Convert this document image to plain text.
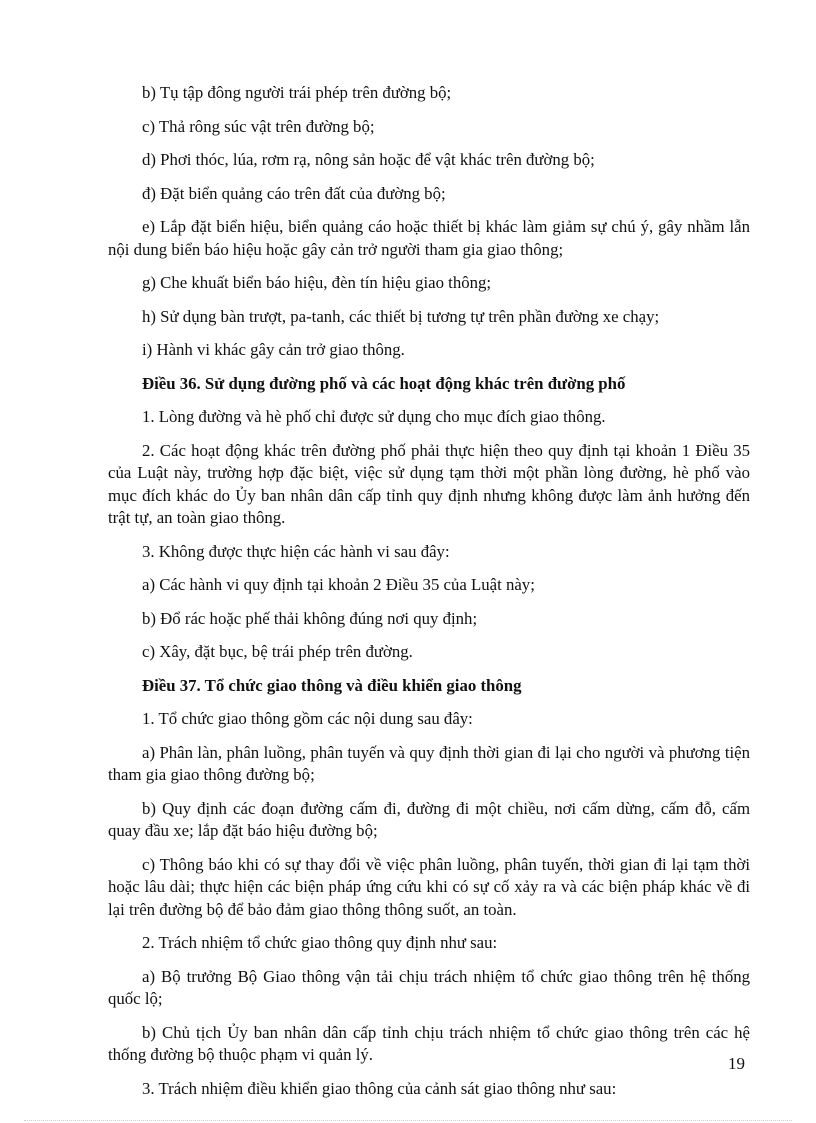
b) Tụ tập đông người trái phép trên đường bộ;

c) Thả rông súc vật trên đường bộ;

d) Phơi thóc, lúa, rơm rạ, nông sản hoặc để vật khác trên đường bộ;

đ) Đặt biển quảng cáo trên đất của đường bộ;

e) Lắp đặt biển hiệu, biển quảng cáo hoặc thiết bị khác làm giảm sự chú ý, gây nhầm lẫn nội dung biển báo hiệu hoặc gây cản trở người tham gia giao thông;

g) Che khuất biển báo hiệu, đèn tín hiệu giao thông;

h) Sử dụng bàn trượt, pa-tanh, các thiết bị tương tự trên phần đường xe chạy;

i) Hành vi khác gây cản trở giao thông.

Điều 36. Sử dụng đường phố và các hoạt động khác trên đường phố

1. Lòng đường và hè phố chỉ được sử dụng cho mục đích giao thông.

2. Các hoạt động khác trên đường phố phải thực hiện theo quy định tại khoản 1 Điều 35 của Luật này, trường hợp đặc biệt, việc sử dụng tạm thời một phần lòng đường, hè phố vào mục đích khác do Ủy ban nhân dân cấp tỉnh quy định nhưng không được làm ảnh hưởng đến trật tự, an toàn giao thông.

3. Không được thực hiện các hành vi sau đây:

a) Các hành vi quy định tại khoản 2 Điều 35 của Luật này;

b) Đổ rác hoặc phế thải không đúng nơi quy định;

c) Xây, đặt bục, bệ trái phép trên đường.

Điều 37. Tổ chức giao thông và điều khiển giao thông

1. Tổ chức giao thông gồm các nội dung sau đây:

a) Phân làn, phân luồng, phân tuyến và quy định thời gian đi lại cho người và phương tiện tham gia giao thông đường bộ;

b) Quy định các đoạn đường cấm đi, đường đi một chiều, nơi cấm dừng, cấm đỗ, cấm quay đầu xe; lắp đặt báo hiệu đường bộ;

c) Thông báo khi có sự thay đổi về việc phân luồng, phân tuyến, thời gian đi lại tạm thời hoặc lâu dài; thực hiện các biện pháp ứng cứu khi có sự cố xảy ra và các biện pháp khác về đi lại trên đường bộ để bảo đảm giao thông thông suốt, an toàn.

2. Trách nhiệm tổ chức giao thông quy định như sau:

a) Bộ trưởng Bộ Giao thông vận tải chịu trách nhiệm tổ chức giao thông trên hệ thống quốc lộ;

b) Chủ tịch Ủy ban nhân dân cấp tỉnh chịu trách nhiệm tổ chức giao thông trên các hệ thống đường bộ thuộc phạm vi quản lý.

3. Trách nhiệm điều khiển giao thông của cảnh sát giao thông như sau:

19
